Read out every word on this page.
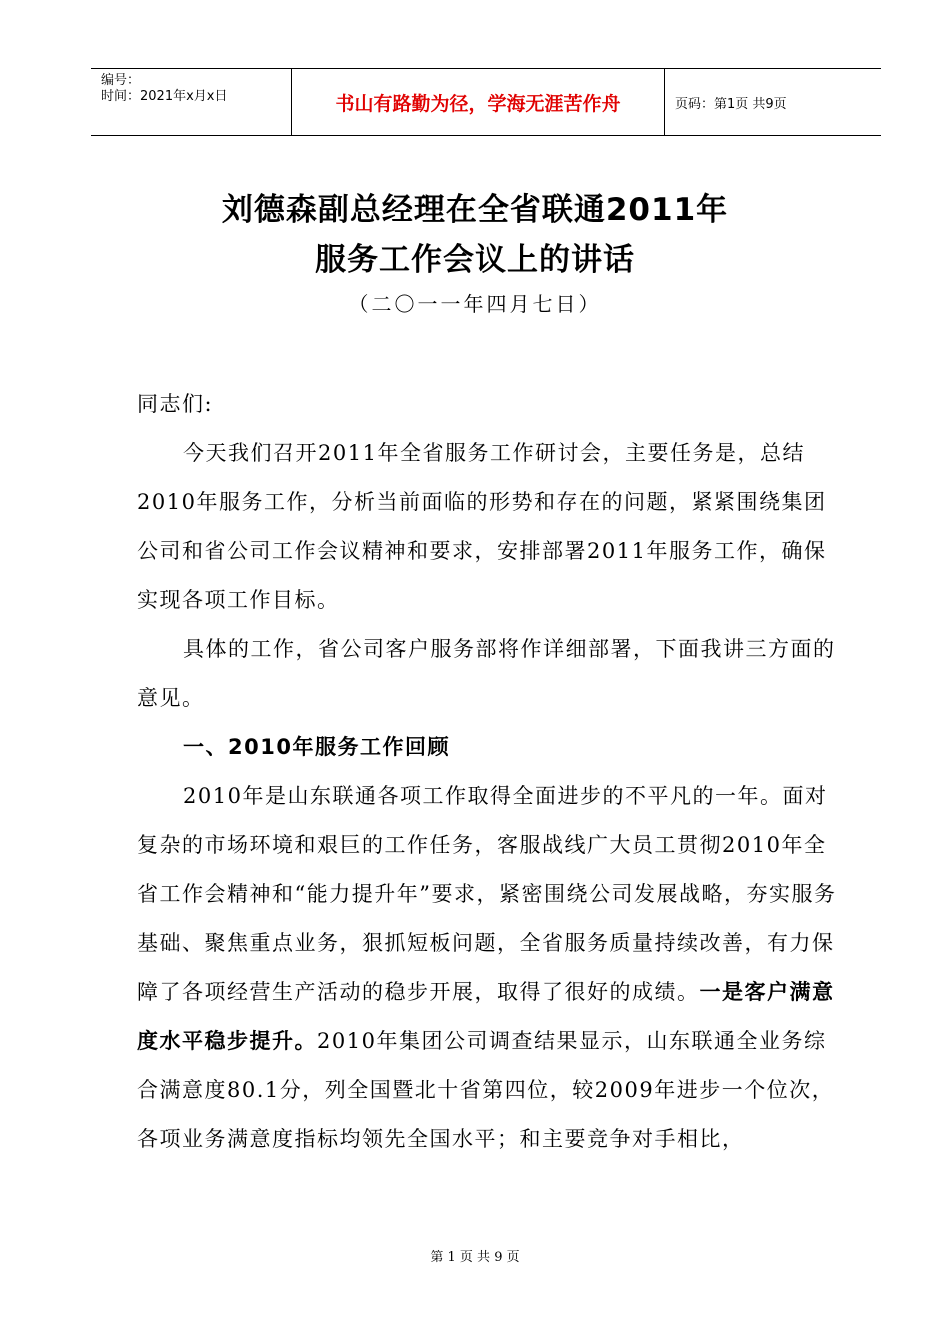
编号：
时间：2021年x月x日	书山有路勤为径，学海无涯苦作舟	页码：第1页 共9页
刘德森副总经理在全省联通2011年
服务工作会议上的讲话
（二〇一一年四月七日）

同志们:

今天我们召开2011年全省服务工作研讨会，主要任务是，总结2010年服务工作，分析当前面临的形势和存在的问题，紧紧围绕集团公司和省公司工作会议精神和要求，安排部署2011年服务工作，确保实现各项工作目标。

具体的工作，省公司客户服务部将作详细部署，下面我讲三方面的意见。

一、2010年服务工作回顾

2010年是山东联通各项工作取得全面进步的不平凡的一年。面对复杂的市场环境和艰巨的工作任务，客服战线广大员工贯彻2010年全省工作会精神和“能力提升年”要求，紧密围绕公司发展战略，夯实服务基础、聚焦重点业务，狠抓短板问题，全省服务质量持续改善，有力保障了各项经营生产活动的稳步开展，取得了很好的成绩。一是客户满意度水平稳步提升。2010年集团公司调查结果显示，山东联通全业务综合满意度80.1分，列全国暨北十省第四位，较2009年进步一个位次，各项业务满意度指标均领先全国水平；和主要竞争对手相比，

第 1 页 共 9 页
